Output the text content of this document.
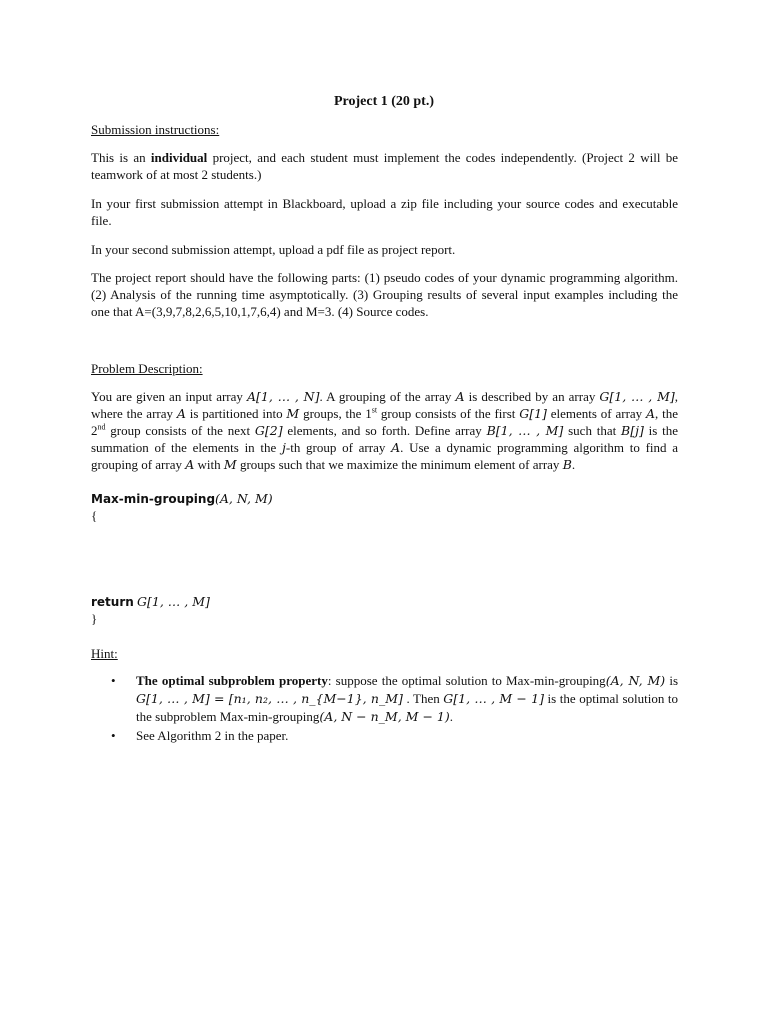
Project 1 (20 pt.)
Submission instructions:
This is an individual project, and each student must implement the codes independently. (Project 2 will be teamwork of at most 2 students.)
In your first submission attempt in Blackboard, upload a zip file including your source codes and executable file.
In your second submission attempt, upload a pdf file as project report.
The project report should have the following parts: (1) pseudo codes of your dynamic programming algorithm. (2) Analysis of the running time asymptotically. (3) Grouping results of several input examples including the one that A=(3,9,7,8,2,6,5,10,1,7,6,4) and M=3. (4) Source codes.
Problem Description:
You are given an input array A[1, … , N]. A grouping of the array A is described by an array G[1, … , M], where the array A is partitioned into M groups, the 1st group consists of the first G[1] elements of array A, the 2nd group consists of the next G[2] elements, and so forth. Define array B[1, … , M] such that B[j] is the summation of the elements in the j-th group of array A. Use a dynamic programming algorithm to find a grouping of array A with M groups such that we maximize the minimum element of array B.
Max-min-grouping(A, N, M)
{
return G[1, … , M]
}
Hint:
• The optimal subproblem property: suppose the optimal solution to Max-min-grouping(A, N, M) is G[1, … , M] = [n₁, n₂, … , n_{M−1}, n_M] . Then G[1, … , M − 1] is the optimal solution to the subproblem Max-min-grouping(A, N − n_M, M − 1).
• See Algorithm 2 in the paper.
